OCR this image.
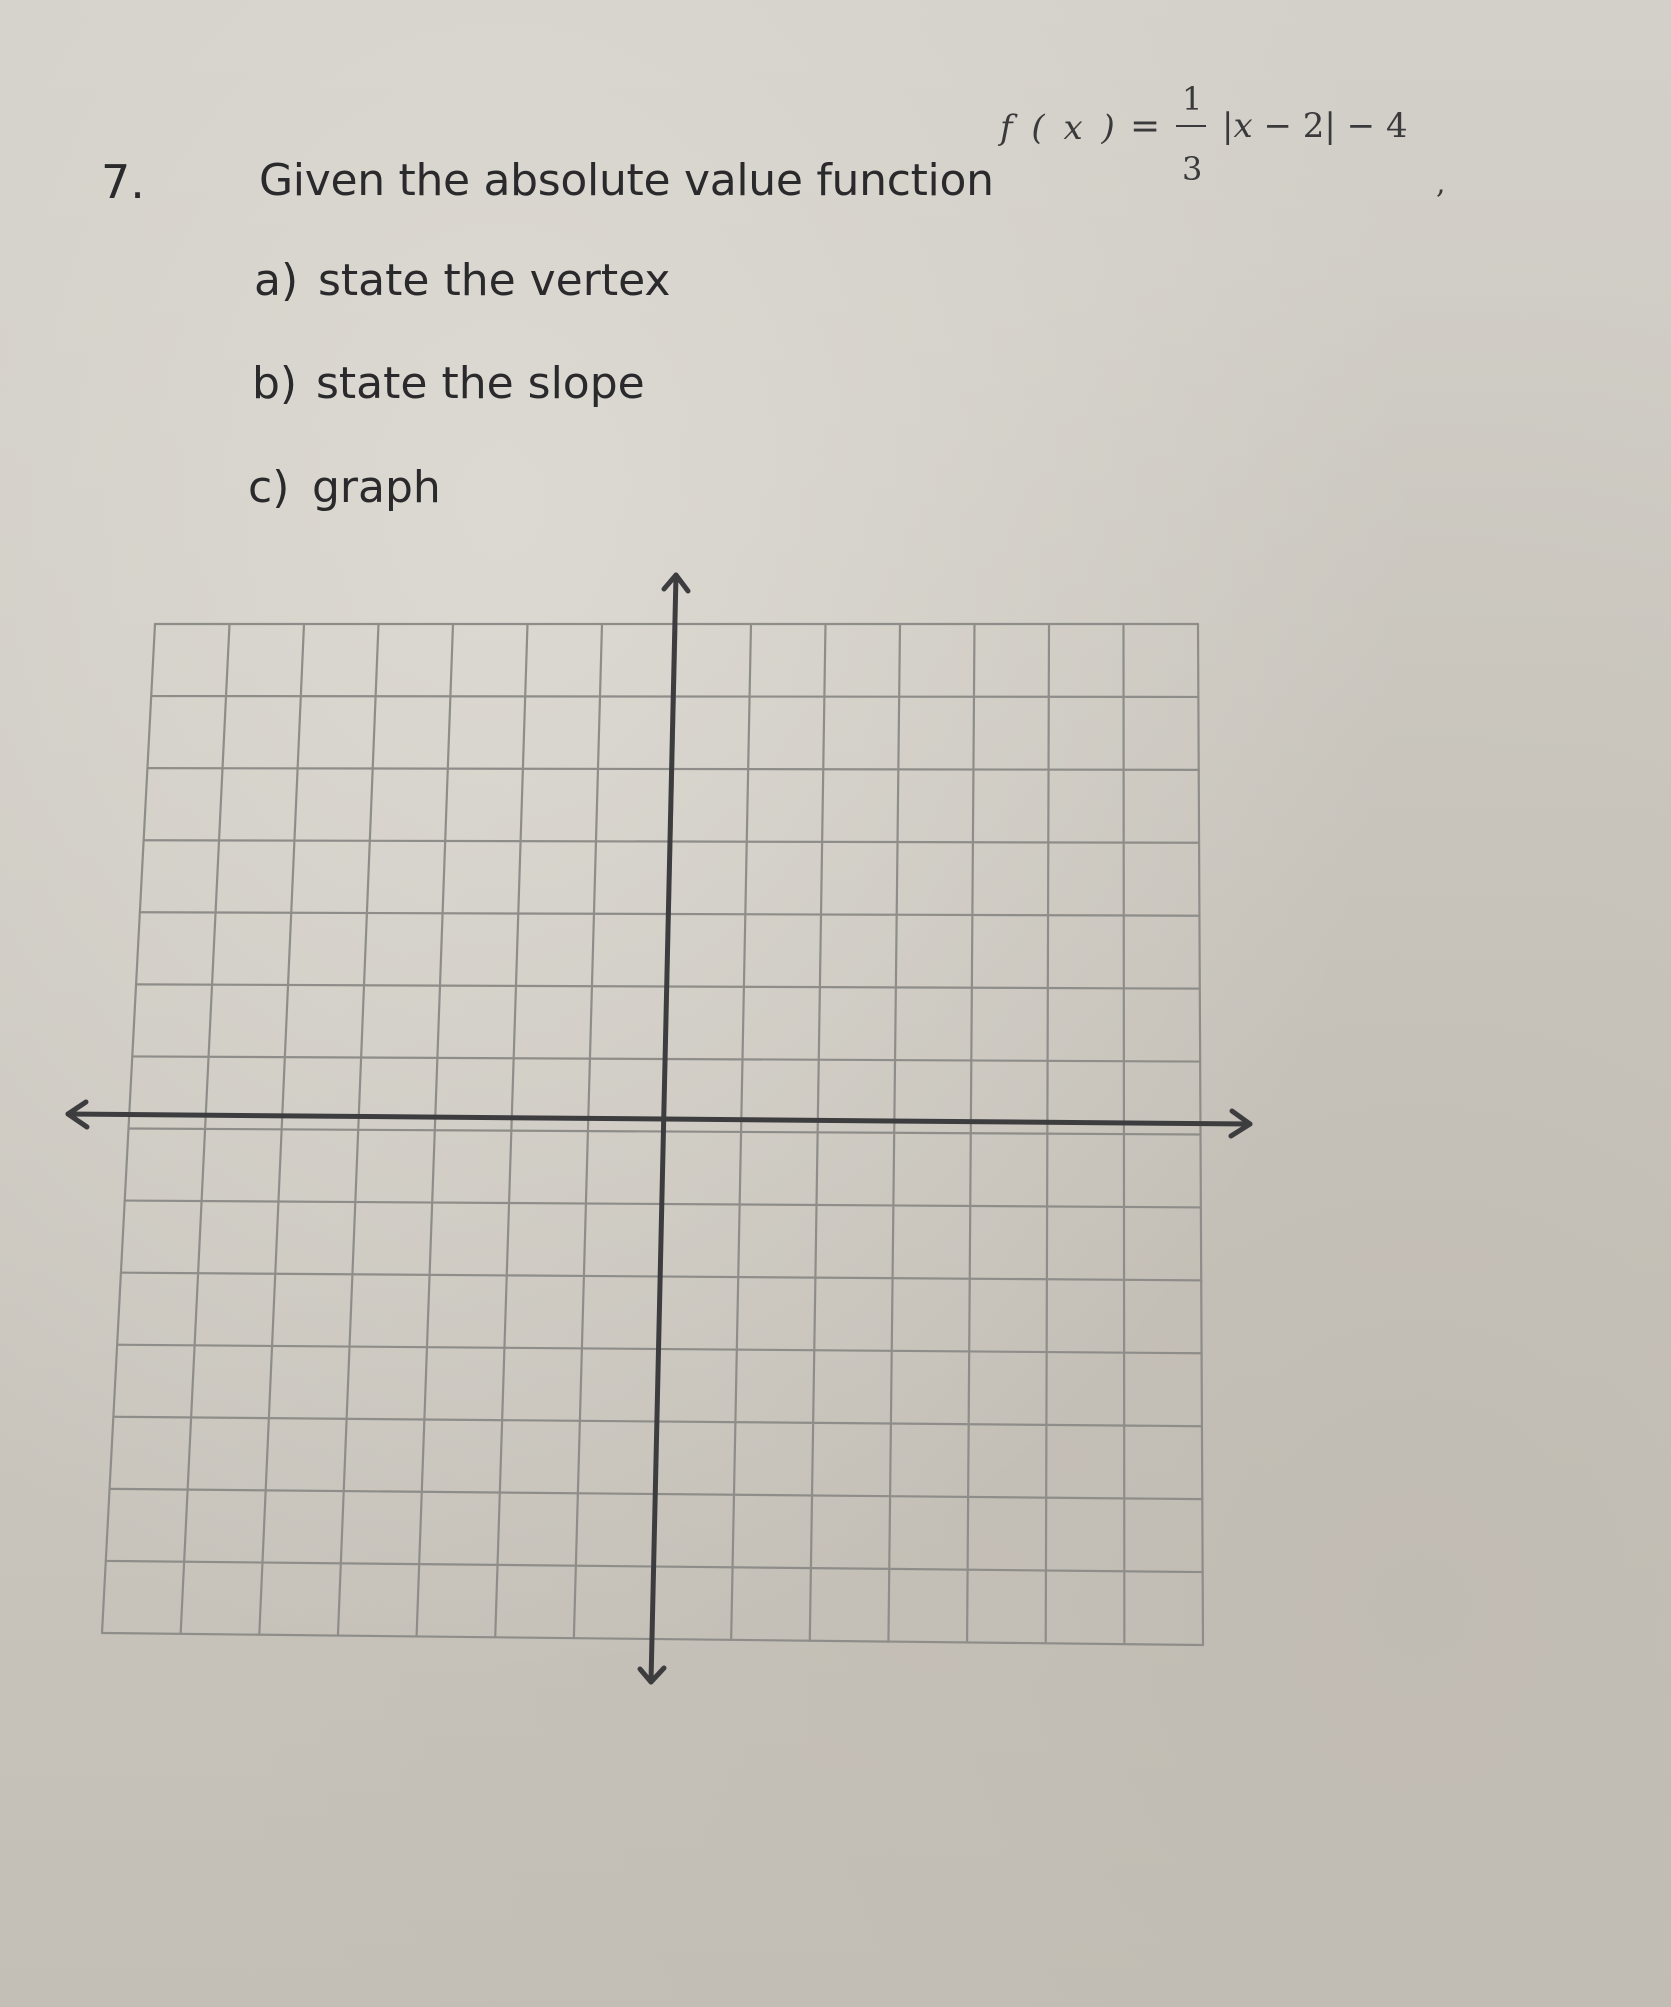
7.	Given the absolute value function
f ( x ) =
1
3
|x − 2| − 4
,
a) state the vertex
b) state the slope
c) graph
